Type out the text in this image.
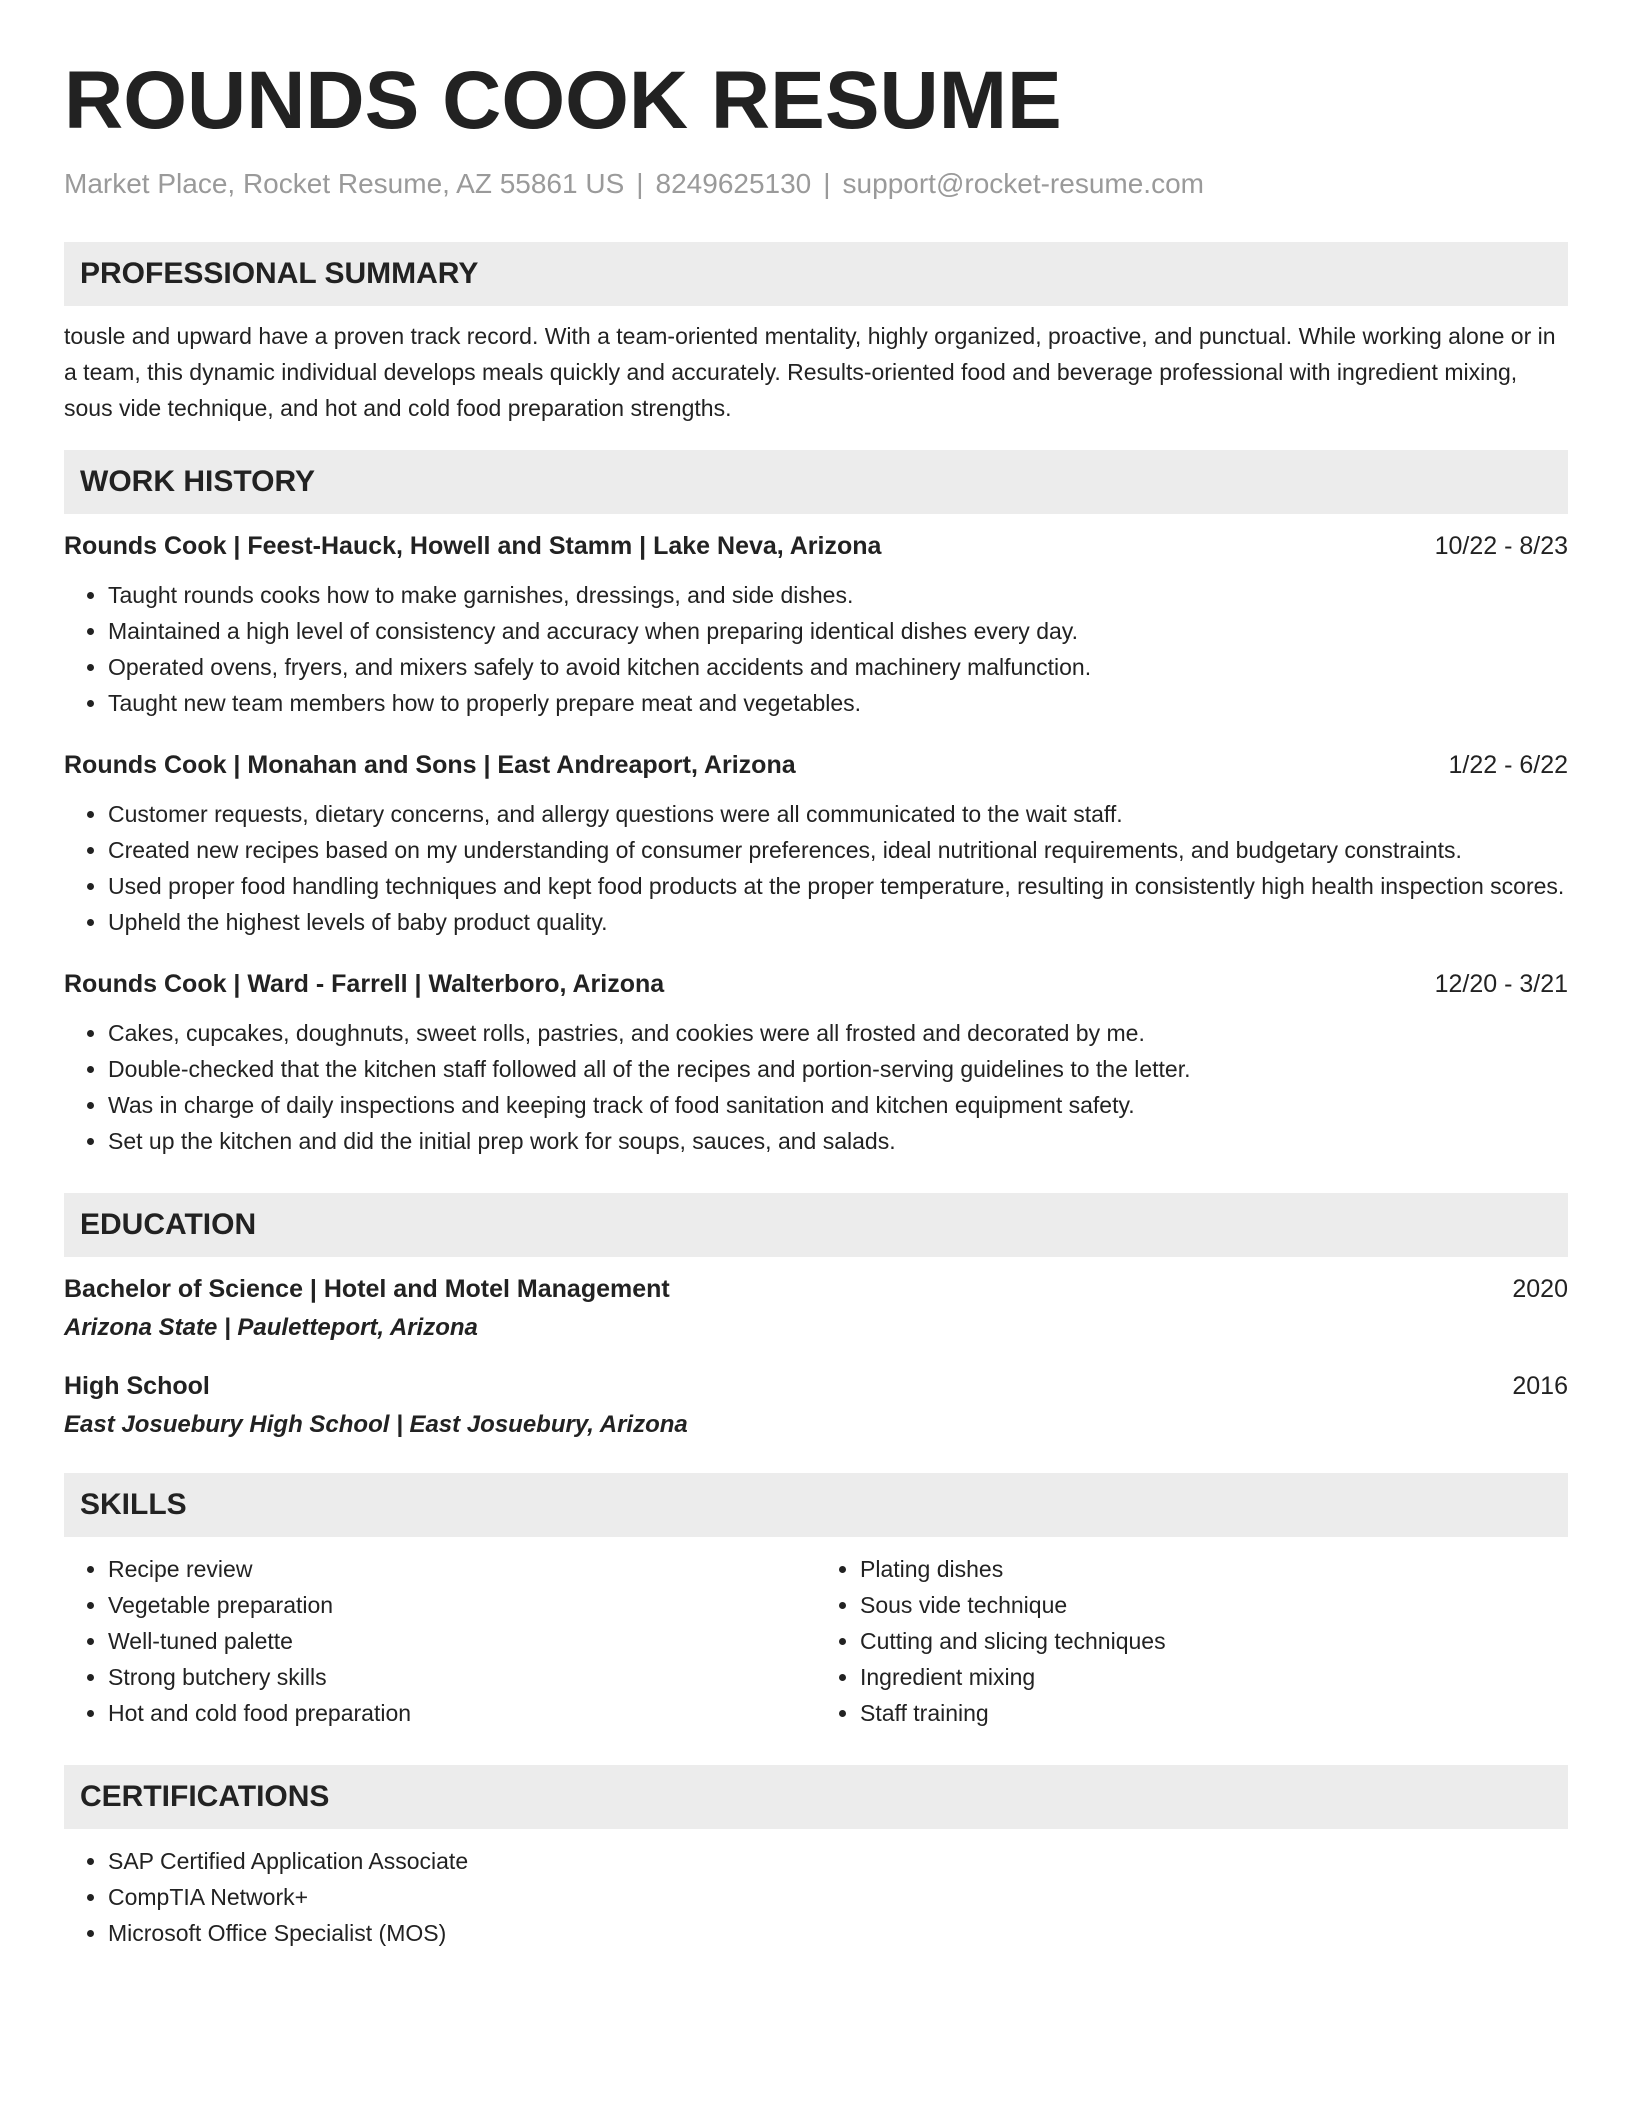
ROUNDS COOK RESUME
Market Place, Rocket Resume, AZ 55861 US | 8249625130 | support@rocket-resume.com
PROFESSIONAL SUMMARY
tousle and upward have a proven track record. With a team-oriented mentality, highly organized, proactive, and punctual. While working alone or in a team, this dynamic individual develops meals quickly and accurately. Results-oriented food and beverage professional with ingredient mixing, sous vide technique, and hot and cold food preparation strengths.
WORK HISTORY
Rounds Cook | Feest-Hauck, Howell and Stamm | Lake Neva, Arizona	10/22 - 8/23
• Taught rounds cooks how to make garnishes, dressings, and side dishes.
• Maintained a high level of consistency and accuracy when preparing identical dishes every day.
• Operated ovens, fryers, and mixers safely to avoid kitchen accidents and machinery malfunction.
• Taught new team members how to properly prepare meat and vegetables.
Rounds Cook | Monahan and Sons | East Andreaport, Arizona	1/22 - 6/22
• Customer requests, dietary concerns, and allergy questions were all communicated to the wait staff.
• Created new recipes based on my understanding of consumer preferences, ideal nutritional requirements, and budgetary constraints.
• Used proper food handling techniques and kept food products at the proper temperature, resulting in consistently high health inspection scores.
• Upheld the highest levels of baby product quality.
Rounds Cook | Ward - Farrell | Walterboro, Arizona	12/20 - 3/21
• Cakes, cupcakes, doughnuts, sweet rolls, pastries, and cookies were all frosted and decorated by me.
• Double-checked that the kitchen staff followed all of the recipes and portion-serving guidelines to the letter.
• Was in charge of daily inspections and keeping track of food sanitation and kitchen equipment safety.
• Set up the kitchen and did the initial prep work for soups, sauces, and salads.
EDUCATION
Bachelor of Science | Hotel and Motel Management	2020
Arizona State | Pauletteport, Arizona
High School	2016
East Josuebury High School | East Josuebury, Arizona
SKILLS
• Recipe review
• Vegetable preparation
• Well-tuned palette
• Strong butchery skills
• Hot and cold food preparation
• Plating dishes
• Sous vide technique
• Cutting and slicing techniques
• Ingredient mixing
• Staff training
CERTIFICATIONS
• SAP Certified Application Associate
• CompTIA Network+
• Microsoft Office Specialist (MOS)
